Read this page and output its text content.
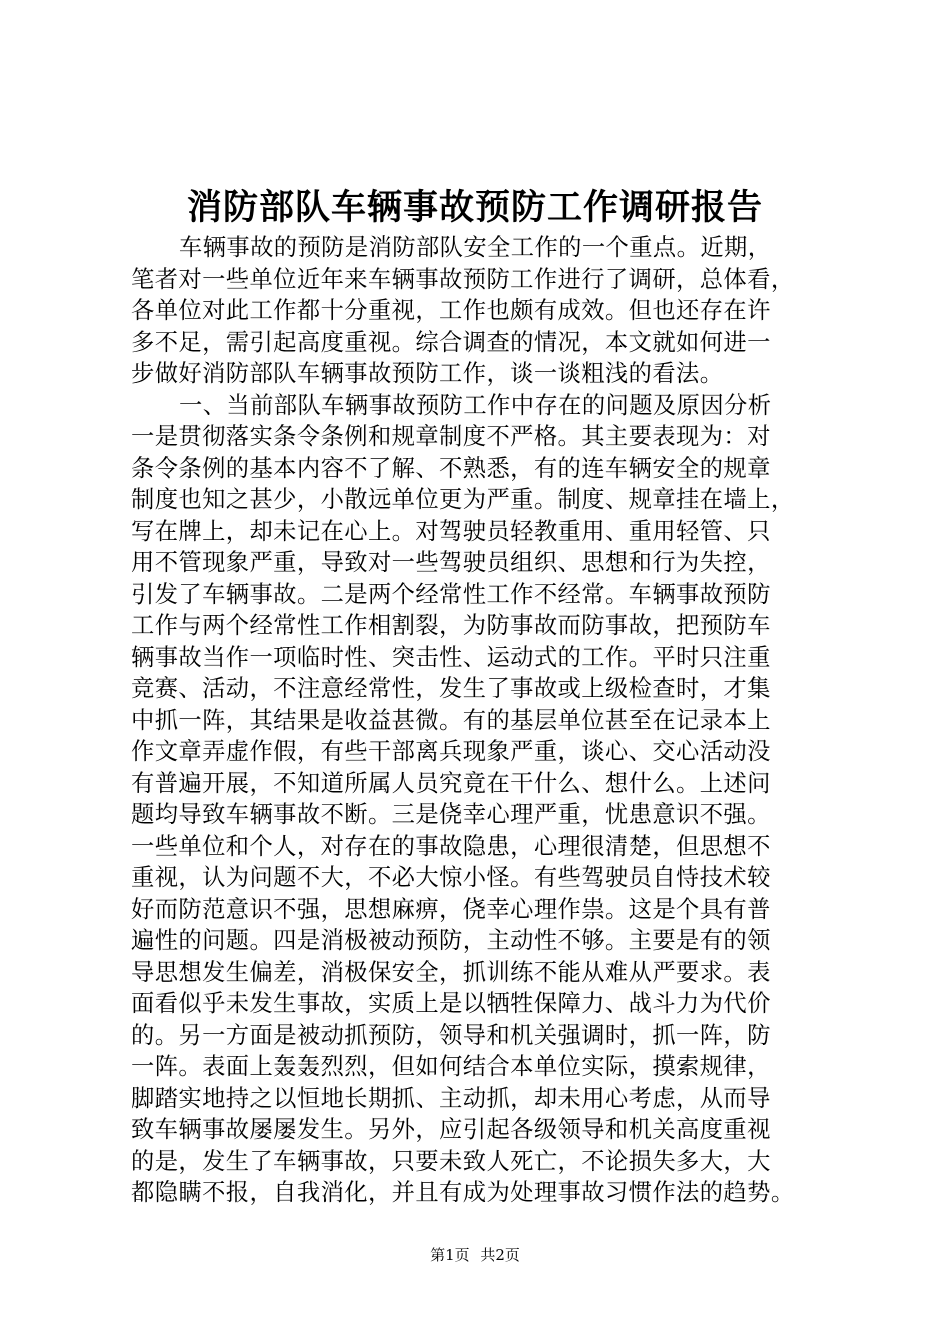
消防部队车辆事故预防工作调研报告
车辆事故的预防是消防部队安全工作的一个重点。近期，
笔者对一些单位近年来车辆事故预防工作进行了调研，总体看，
各单位对此工作都十分重视，工作也颇有成效。但也还存在许
多不足，需引起高度重视。综合调查的情况，本文就如何进一
步做好消防部队车辆事故预防工作，谈一谈粗浅的看法。
一、当前部队车辆事故预防工作中存在的问题及原因分析
一是贯彻落实条令条例和规章制度不严格。其主要表现为：对
条令条例的基本内容不了解、不熟悉，有的连车辆安全的规章
制度也知之甚少，小散远单位更为严重。制度、规章挂在墙上，
写在牌上，却未记在心上。对驾驶员轻教重用、重用轻管、只
用不管现象严重，导致对一些驾驶员组织、思想和行为失控，
引发了车辆事故。二是两个经常性工作不经常。车辆事故预防
工作与两个经常性工作相割裂，为防事故而防事故，把预防车
辆事故当作一项临时性、突击性、运动式的工作。平时只注重
竞赛、活动，不注意经常性，发生了事故或上级检查时，才集
中抓一阵，其结果是收益甚微。有的基层单位甚至在记录本上
作文章弄虚作假，有些干部离兵现象严重，谈心、交心活动没
有普遍开展，不知道所属人员究竟在干什么、想什么。上述问
题均导致车辆事故不断。三是侥幸心理严重，忧患意识不强。
一些单位和个人，对存在的事故隐患，心理很清楚，但思想不
重视，认为问题不大，不必大惊小怪。有些驾驶员自恃技术较
好而防范意识不强，思想麻痹，侥幸心理作祟。这是个具有普
遍性的问题。四是消极被动预防，主动性不够。主要是有的领
导思想发生偏差，消极保安全，抓训练不能从难从严要求。表
面看似乎未发生事故，实质上是以牺牲保障力、战斗力为代价
的。另一方面是被动抓预防，领导和机关强调时，抓一阵，防
一阵。表面上轰轰烈烈，但如何结合本单位实际，摸索规律，
脚踏实地持之以恒地长期抓、主动抓，却未用心考虑，从而导
致车辆事故屡屡发生。另外，应引起各级领导和机关高度重视
的是，发生了车辆事故，只要未致人死亡，不论损失多大，大
都隐瞒不报，自我消化，并且有成为处理事故习惯作法的趋势。
第1页 共2页
